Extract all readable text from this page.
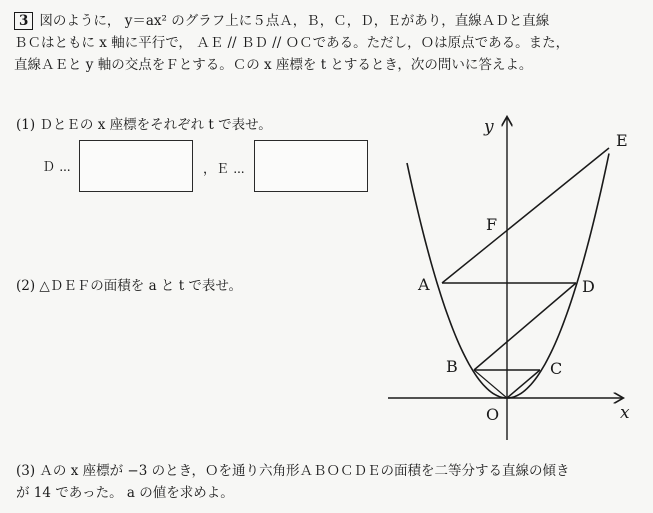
3 図のように， y＝ax² のグラフ上に５点Ａ，Ｂ，Ｃ，Ｄ，Ｅがあり，直線ＡＤと直線
ＢＣはともに x 軸に平行で， ＡＥ // ＢＤ // ＯＣである。ただし，Ｏは原点である。また，
直線ＡＥと y 軸の交点をＦとする。Ｃの x 座標を t とするとき，次の問いに答えよ。
(1) ＤとＥの x 座標をそれぞれ t で表せ。
Ｄ ⋯	，Ｅ ⋯
(2) △ＤＥＦの面積を a と t で表せ。
(3) Ａの x 座標が −3 のとき，Ｏを通り六角形ＡＢＯＣＤＥの面積を二等分する直線の傾き
が 14 であった。 a の値を求めよ。
x
y
E
F
A	D
B	C
O
